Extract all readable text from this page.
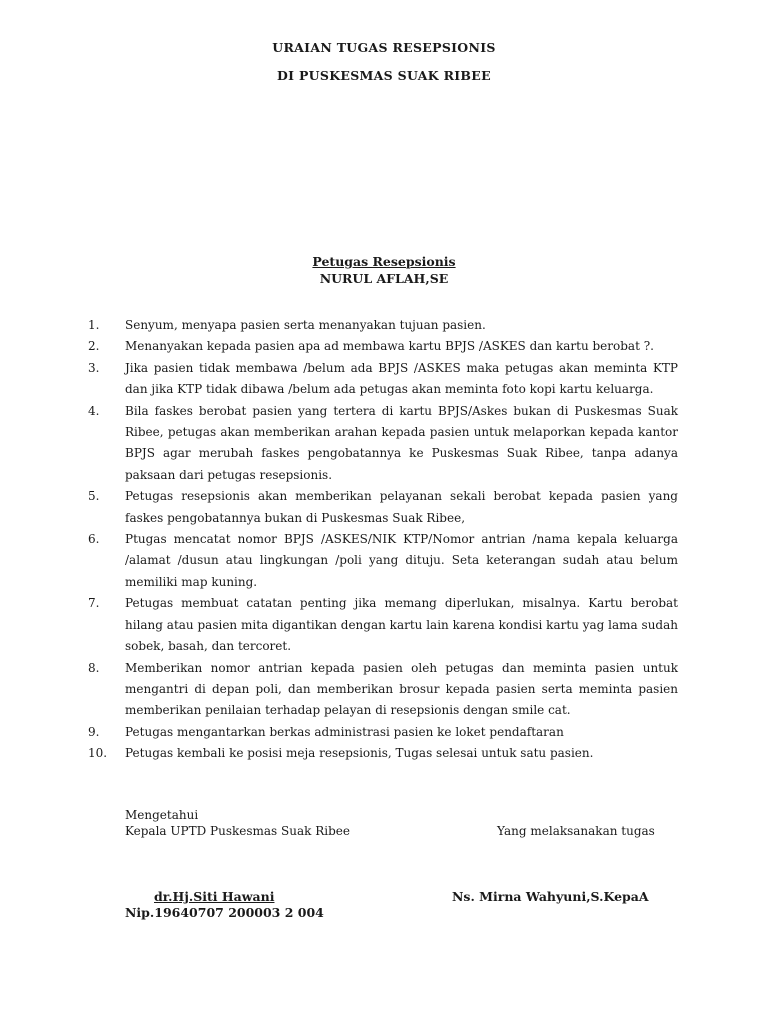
URAIAN TUGAS RESEPSIONIS
DI PUSKESMAS SUAK RIBEE
Petugas Resepsionis
NURUL AFLAH,SE
1. Senyum, menyapa pasien serta menanyakan tujuan pasien.
2. Menanyakan kepada pasien apa ad membawa kartu BPJS /ASKES dan kartu berobat ?.
3. Jika pasien tidak membawa /belum ada BPJS /ASKES maka petugas akan meminta KTP dan jika KTP tidak dibawa /belum ada petugas akan meminta foto kopi kartu keluarga.
4. Bila faskes berobat pasien yang tertera di kartu BPJS/Askes bukan di Puskesmas Suak Ribee, petugas akan memberikan arahan kepada pasien untuk melaporkan kepada kantor BPJS agar merubah faskes pengobatannya ke Puskesmas Suak Ribee, tanpa adanya paksaan dari petugas resepsionis.
5. Petugas resepsionis akan memberikan pelayanan sekali berobat kepada pasien yang faskes pengobatannya bukan di Puskesmas Suak Ribee,
6. Ptugas mencatat nomor BPJS /ASKES/NIK KTP/Nomor antrian /nama kepala keluarga /alamat /dusun atau lingkungan /poli yang dituju. Seta keterangan sudah atau belum memiliki map kuning.
7. Petugas membuat catatan penting jika memang diperlukan, misalnya. Kartu berobat hilang atau pasien mita digantikan dengan kartu lain karena kondisi kartu yag lama sudah sobek, basah, dan tercoret.
8. Memberikan nomor antrian kepada pasien oleh petugas dan meminta pasien untuk mengantri di depan poli, dan memberikan brosur kepada pasien serta meminta pasien memberikan penilaian terhadap pelayan di resepsionis dengan smile cat.
9. Petugas mengantarkan berkas administrasi pasien ke loket pendaftaran
10. Petugas kembali ke posisi meja resepsionis, Tugas selesai untuk satu pasien.
Mengetahui
Kepala UPTD Puskesmas Suak Ribee	Yang melaksanakan tugas
dr.Hj.Siti Hawani
Nip.19640707 200003 2 004
Ns. Mirna Wahyuni,S.KepaA
